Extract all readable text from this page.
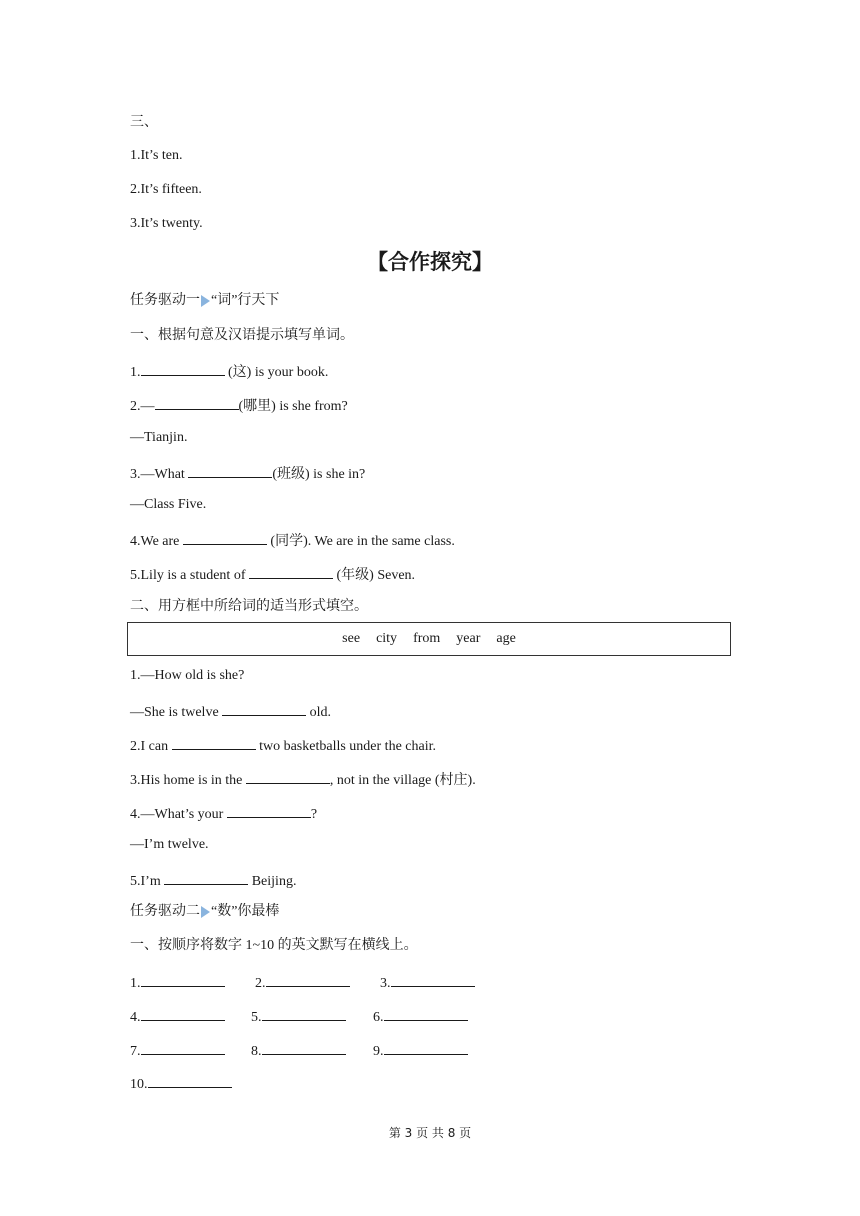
三、
1.It’s ten.
2.It’s fifteen.
3.It’s twenty.
【合作探究】
任务驱动一 “词”行天下
一、根据句意及汉语提示填写单词。
1.	(这) is your book.
2.—	(哪里) is she from?
—Tianjin.
3.—What	(班级) is she in?
—Class Five.
4.We are	(同学). We are in the same class.
5.Lily is a student of	(年级) Seven.
二、用方框中所给词的适当形式填空。
see city from year age
1.—How old is she?
—She is twelve	old.
2.I can	two basketballs under the chair.
3.His home is in the	, not in the village (村庄).
4.—What’s your	?
—I’m twelve.
5.I’m	Beijing.
任务驱动二 “数”你最棒
一、按顺序将数字 1~10 的英文默写在横线上。
1.	2.	3.
4.	5.	6.
7.	8.	9.
10.
第 3 页 共 8 页
